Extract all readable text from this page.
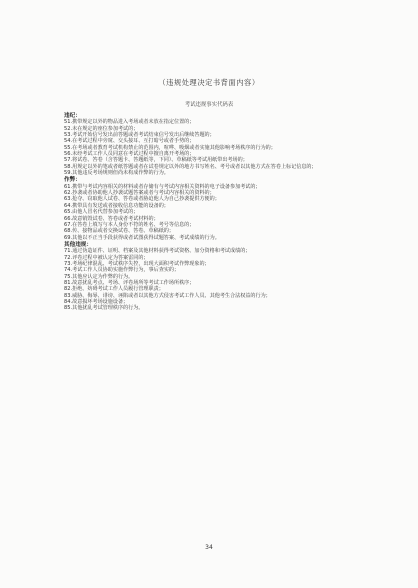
（违规处理决定书背面内容）
考试违规事实代码表
违纪：
51.携带规定以外的物品进入考场或者未放在指定位置的；
52.未在规定的座位参加考试的；
53.考试开始信号发出前答题或者考试结束信号发出后继续答题的；
54.在考试过程中旁窥、交头接耳、互打暗号或者手势的；
55.在考场或者教育考试机构禁止的范围内，喧哗、吸烟或者实施其他影响考场秩序的行为的；
56.未经考试工作人员同意在考试过程中擅自离开考场的；
57.将试卷、答卷（含答题卡、答题纸等，下同）、草稿纸等考试用纸带出考场的；
58.用规定以外的笔或者纸答题或者在试卷规定以外的地方书写姓名、考号或者以其他方式在答卷上标记信息的；
59.其他违反考场规则但尚未构成作弊的行为。
作弊：
61.携带与考试内容相关的材料或者存储有与考试内容相关资料的电子设备参加考试的；
62.抄袭或者协助他人抄袭试题答案或者与考试内容相关的资料的；
63.抢夺、窃取他人试卷、答卷或者胁迫他人为自己抄袭提供方便的；
64.携带具有发送或者接收信息功能的设备的；
65.由他人冒名代替参加考试的；
66.故意销毁试卷、答卷或者考试材料的；
67.在答卷上填写与本人身份不符的姓名、考号等信息的；
68.传、接物品或者交换试卷、答卷、草稿纸的；
69.其他以不正当手段获得或者试图获得试题答案、考试成绩的行为。
其他违规：
71.通过伪造证件、证明、档案及其他材料获得考试资格、加分资格和考试成绩的；
72.评卷过程中被认定为答案雷同的；
73.考场纪律混乱、考试秩序失控，出现大面积考试作弊现象的；
74.考试工作人员协助实施作弊行为，事后查实的；
75.其他应认定为作弊的行为。
81.故意扰乱考点、考场、评卷场所等考试工作场所秩序；
82.拒绝、妨碍考试工作人员履行管理职责；
83.威胁、侮辱、诽谤、诬陷或者以其他方式侵害考试工作人员、其他考生合法权益的行为；
84.故意损坏考场设施设备；
85.其他扰乱考试管理秩序的行为。
34
